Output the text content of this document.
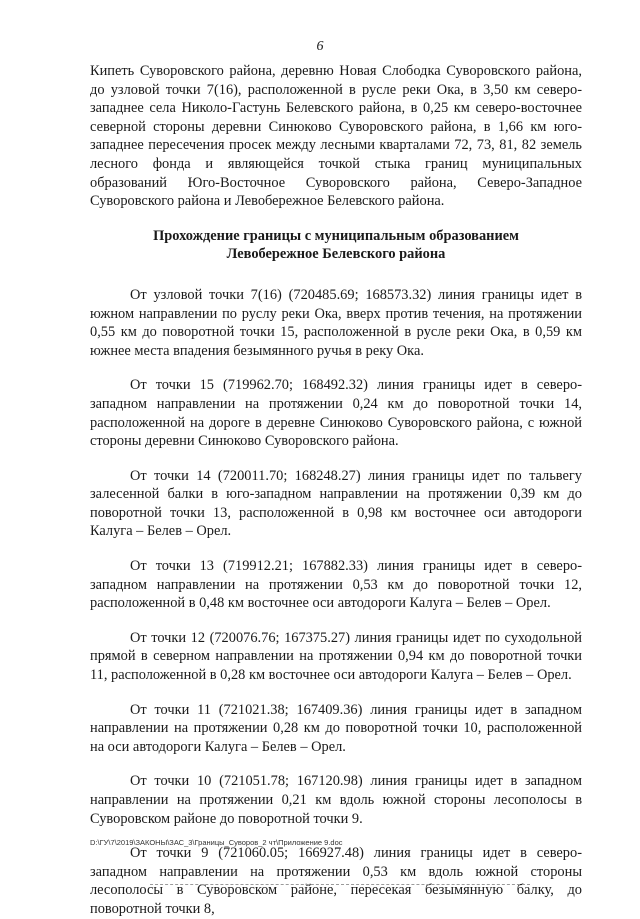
6

Кипеть Суворовского района, деревню Новая Слободка Суворовского района, до узловой точки 7(16), расположенной в русле реки Ока, в 3,50 км северо-западнее села Николо-Гастунь Белевского района, в 0,25 км северо-восточнее северной стороны деревни Синюково Суворовского района, в 1,66 км юго-западнее пересечения просек между лесными кварталами 72, 73, 81, 82 земель лесного фонда и являющейся точкой стыка границ муниципальных образований Юго-Восточное Суворовского района, Северо-Западное Суворовского района и Левобережное Белевского района.

Прохождение границы с муниципальным образованием
Левобережное Белевского района

От узловой точки 7(16) (720485.69; 168573.32) линия границы идет в южном направлении по руслу реки Ока, вверх против течения, на протяжении 0,55 км до поворотной точки 15, расположенной в русле реки Ока, в 0,59 км южнее места впадения безымянного ручья в реку Ока.

От точки 15 (719962.70; 168492.32) линия границы идет в северо-западном направлении на протяжении 0,24 км до поворотной точки 14, расположенной на дороге в деревне Синюково Суворовского района, с южной стороны деревни Синюково Суворовского района.

От точки 14 (720011.70; 168248.27) линия границы идет по тальвегу залесенной балки в юго-западном направлении на протяжении 0,39 км до поворотной точки 13, расположенной в 0,98 км восточнее оси автодороги Калуга – Белев – Орел.

От точки 13 (719912.21; 167882.33) линия границы идет в северо-западном направлении на протяжении 0,53 км до поворотной точки 12, расположенной в 0,48 км восточнее оси автодороги Калуга – Белев – Орел.

От точки 12 (720076.76; 167375.27) линия границы идет по суходольной прямой в северном направлении на протяжении 0,94 км до поворотной точки 11, расположенной в 0,28 км восточнее оси автодороги Калуга – Белев – Орел.

От точки 11 (721021.38; 167409.36) линия границы идет в западном направлении на протяжении 0,28 км до поворотной точки 10, расположенной на оси автодороги Калуга – Белев – Орел.

От точки 10 (721051.78; 167120.98) линия границы идет в западном направлении на протяжении 0,21 км вдоль южной стороны лесополосы в Суворовском районе до поворотной точки 9.

От точки 9 (721060.05; 166927.48) линия границы идет в северо-западном направлении на протяжении 0,53 км вдоль южной стороны лесополосы в Суворовском районе, пересекая безымянную балку, до поворотной точки 8,

D:\ГУ\7\2019\ЗАКОНЫ\ЗАС_3\Границы_Суворов_2 чт\Приложение 9.doc
